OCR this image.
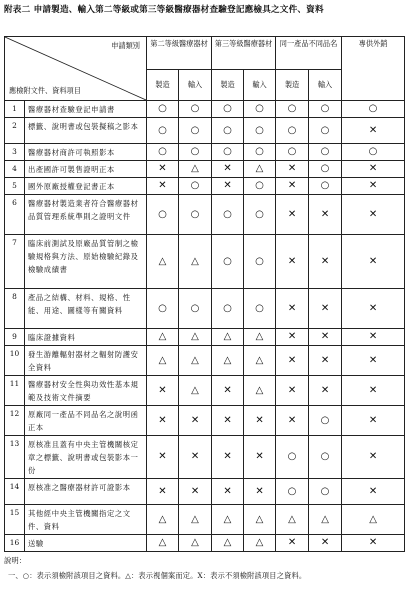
附表二 申請製造、輸入第二等級或第三等級醫療器材查驗登記應檢具之文件、資料
申請類別
應檢附文件、資料項目		第二等級醫療器材		第三等級醫療器材		同一產品不同品名		專供外銷
		製造	輸入	製造	輸入	製造	輸入	
1	醫療器材查驗登記申請書	○	○	○	○	○	○	○
2	標籤、說明書或包裝擬稿之影本	○	○	○	○	○	○	✕
3	醫療器材商許可執照影本	○	○	○	○	○	○	○
4	出產國許可製售證明正本	✕	△	✕	△	✕	○	✕
5	國外原廠授權登記書正本	✕	○	✕	○	✕	○	✕
6	醫療器材製造業者符合醫療器材品質管理系統準則之證明文件	○	○	○	○	✕	✕	✕
7	臨床前測試及原廠品質管制之檢驗規格與方法、原始檢驗紀錄及檢驗成績書	△	△	○	○	✕	✕	✕
8	產品之結構、材料、規格、性能、用途、圖樣等有關資料	○	○	○	○	✕	✕	✕
9	臨床證據資料	△	△	△	△	✕	✕	✕
10	發生游離輻射器材之輻射防護安全資料	△	△	△	△	✕	✕	✕
11	醫療器材安全性與功效性基本規範及技術文件摘要	✕	△	✕	△	✕	✕	✕
12	原廠同一產品不同品名之說明函正本	✕	✕	✕	✕	✕	○	✕
13	原核准且蓋有中央主管機關核定章之標籤、說明書或包裝影本一份	✕	✕	✕	✕	○	○	✕
14	原核准之醫療器材許可證影本	✕	✕	✕	✕	○	○	✕
15	其他經中央主管機關指定之文件、資料	△	△	△	△	△	△	△
16	送驗	△	△	△	△	✕	✕	✕
說明：
一、○：表示須檢附該項目之資料。△：表示視個案而定。X：表示不須檢附該項目之資料。
